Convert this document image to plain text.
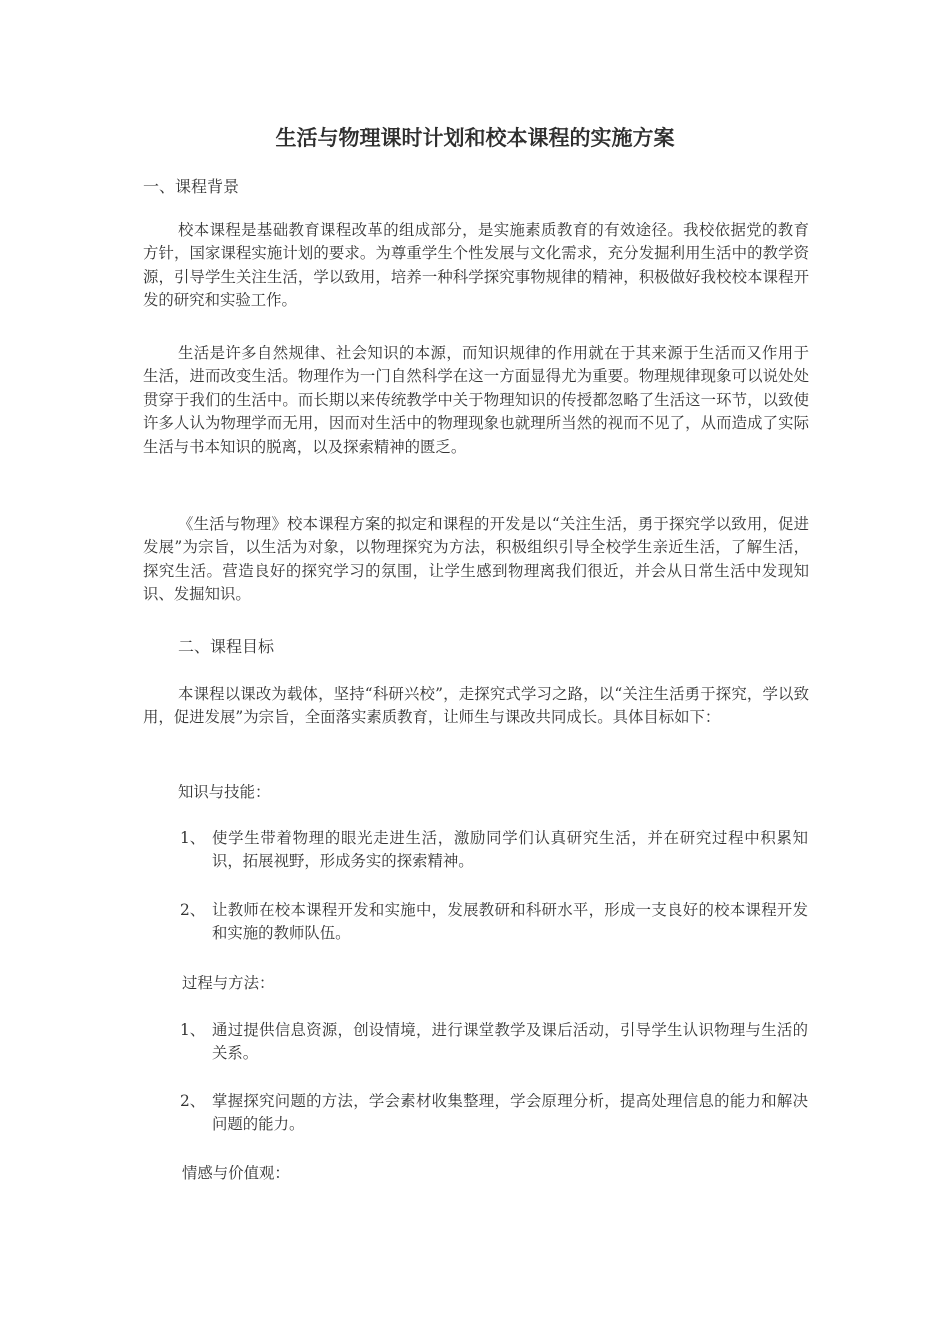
生活与物理课时计划和校本课程的实施方案
一、课程背景

校本课程是基础教育课程改革的组成部分，是实施素质教育的有效途径。我校依据党的教育方针，国家课程实施计划的要求。为尊重学生个性发展与文化需求，充分发掘利用生活中的教学资源，引导学生关注生活，学以致用，培养一种科学探究事物规律的精神，积极做好我校校本课程开发的研究和实验工作。

生活是许多自然规律、社会知识的本源，而知识规律的作用就在于其来源于生活而又作用于生活，进而改变生活。物理作为一门自然科学在这一方面显得尤为重要。物理规律现象可以说处处贯穿于我们的生活中。而长期以来传统教学中关于物理知识的传授都忽略了生活这一环节，以致使许多人认为物理学而无用，因而对生活中的物理现象也就理所当然的视而不见了，从而造成了实际生活与书本知识的脱离，以及探索精神的匮乏。

《生活与物理》校本课程方案的拟定和课程的开发是以“关注生活，勇于探究学以致用，促进发展”为宗旨，以生活为对象，以物理探究为方法，积极组织引导全校学生亲近生活，了解生活，探究生活。营造良好的探究学习的氛围，让学生感到物理离我们很近，并会从日常生活中发现知识、发掘知识。

二、课程目标

本课程以课改为载体，坚持“科研兴校”，走探究式学习之路，以“关注生活勇于探究，学以致用，促进发展”为宗旨，全面落实素质教育，让师生与课改共同成长。具体目标如下：

知识与技能：
1、 使学生带着物理的眼光走进生活，激励同学们认真研究生活，并在研究过程中积累知识，拓展视野，形成务实的探索精神。
2、 让教师在校本课程开发和实施中，发展教研和科研水平，形成一支良好的校本课程开发和实施的教师队伍。
过程与方法：
1、 通过提供信息资源，创设情境，进行课堂教学及课后活动，引导学生认识物理与生活的关系。
2、 掌握探究问题的方法，学会素材收集整理，学会原理分析，提高处理信息的能力和解决问题的能力。
情感与价值观：
